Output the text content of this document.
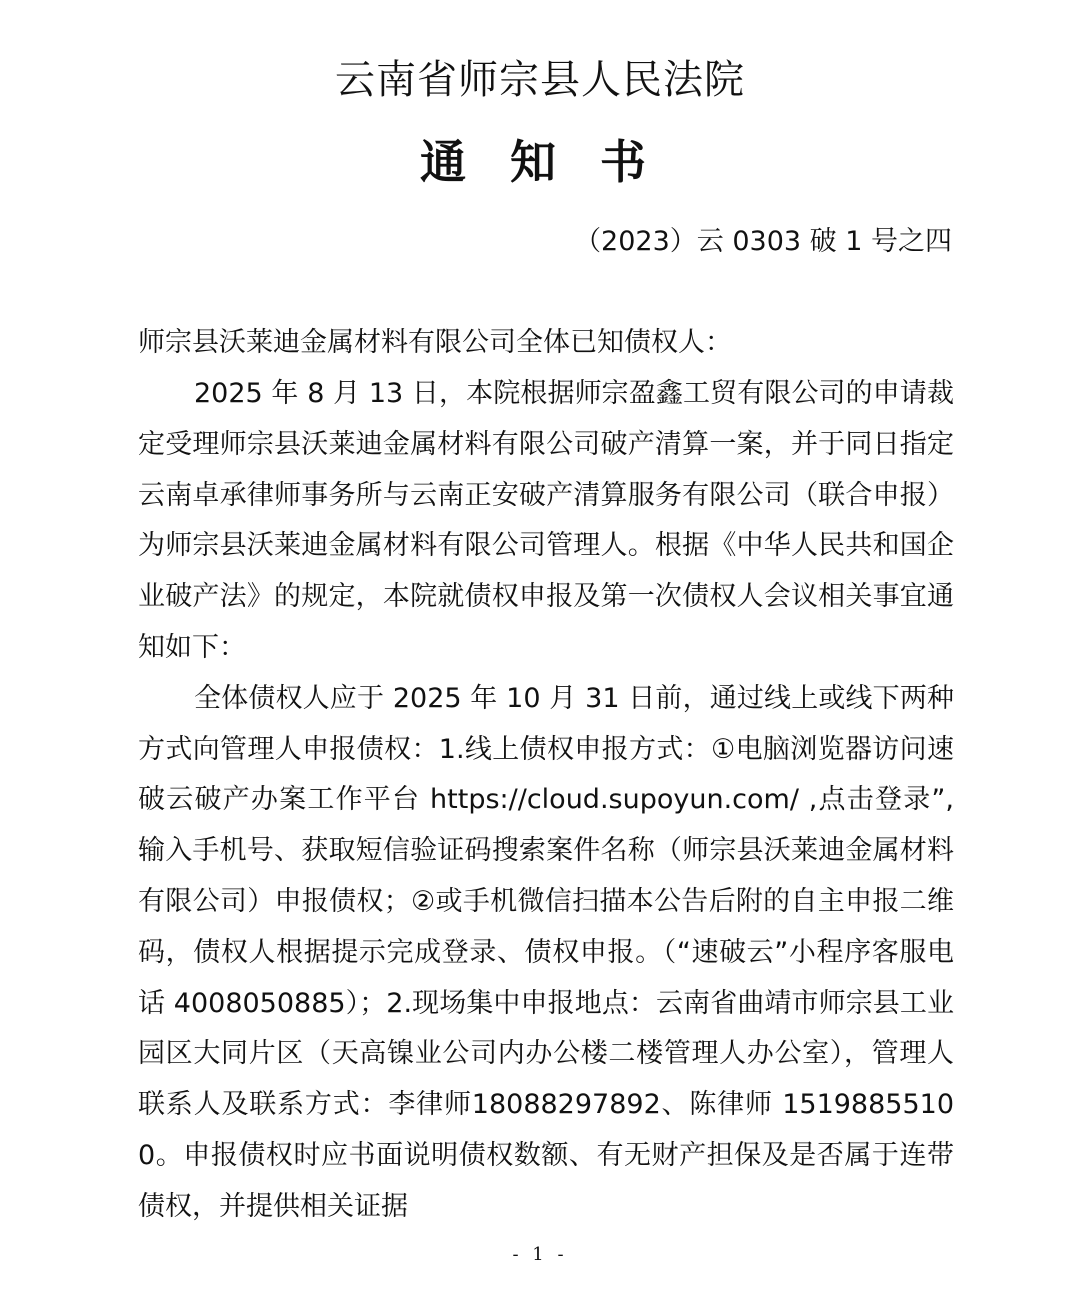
云南省师宗县人民法院
通 知 书
（2023）云 0303 破 1 号之四
师宗县沃莱迪金属材料有限公司全体已知债权人：

2025 年 8 月 13 日，本院根据师宗盈鑫工贸有限公司的申请裁定受理师宗县沃莱迪金属材料有限公司破产清算一案，并于同日指定云南卓承律师事务所与云南正安破产清算服务有限公司（联合申报）为师宗县沃莱迪金属材料有限公司管理人。根据《中华人民共和国企业破产法》的规定，本院就债权申报及第一次债权人会议相关事宜通知如下：

全体债权人应于 2025 年 10 月 31 日前，通过线上或线下两种方式向管理人申报债权：1.线上债权申报方式：①电脑浏览器访问速破云破产办案工作平台 https://cloud.supoyun.com/ ,点击登录”,输入手机号、获取短信验证码搜索案件名称（师宗县沃莱迪金属材料有限公司）申报债权；②或手机微信扫描本公告后附的自主申报二维码，债权人根据提示完成登录、债权申报。（“速破云”小程序客服电话 4008050885）；2.现场集中申报地点：云南省曲靖市师宗县工业园区大同片区（天高镍业公司内办公楼二楼管理人办公室），管理人联系人及联系方式：李律师18088297892、陈律师 15198855100。申报债权时应书面说明债权数额、有无财产担保及是否属于连带债权，并提供相关证据

- 1 -
